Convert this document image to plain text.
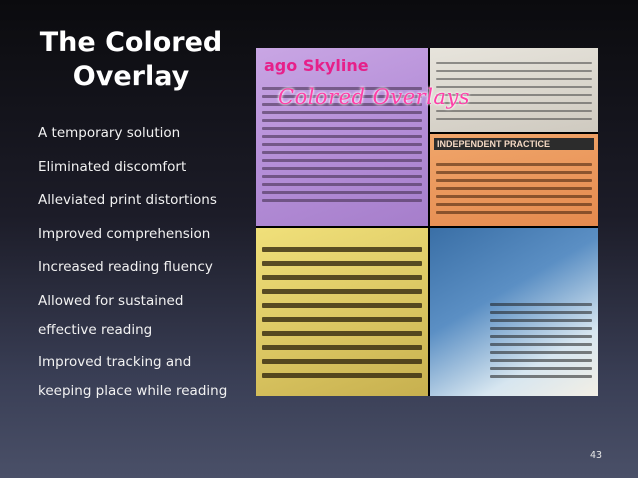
The Colored
Overlay
A temporary solution
Eliminated discomfort
Alleviated print distortions
Improved comprehension
Increased reading fluency
Allowed for sustained
effective reading
Improved tracking and
keeping place while reading
ago Skyline
INDEPENDENT PRACTICE
Colored Overlays
43
